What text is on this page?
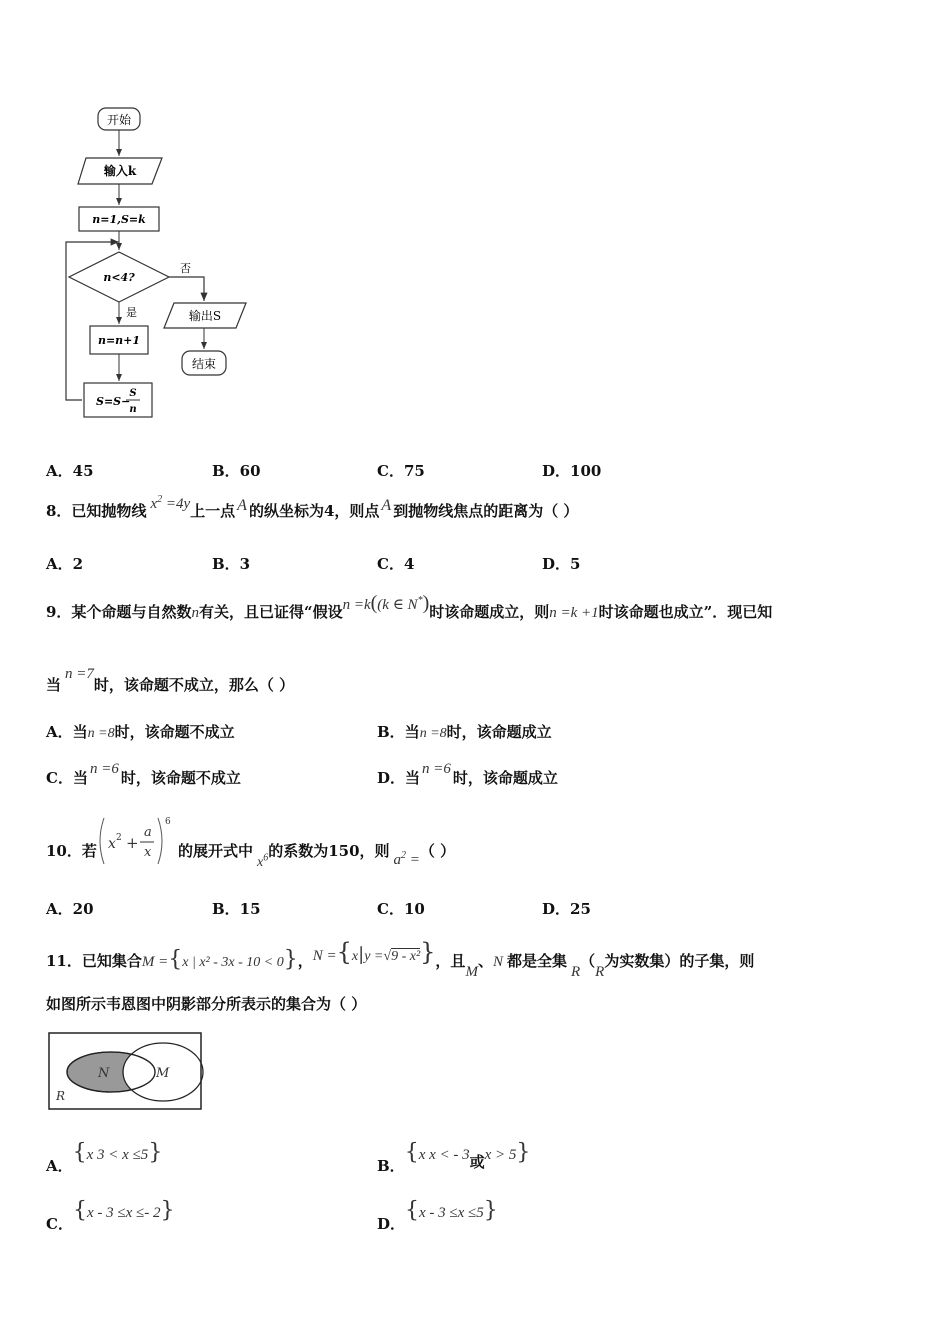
开始
输入k
n=1,S=k
n<4?
否
是	输出S
结束
n=n+1
S=S−
S
n
A．45	B．60	C．75	D．100
8．已知抛物线 $x^2 =4y$上一点 A 的纵坐标为4，则点 A 到抛物线焦点的距离为（ ）
A．2	B．3	C．4	D．5
9．某个命题与自然数n有关，且已证得“假设n =k((k ∈ N*)时该命题成立，则n =k +1时该命题也成立”．现已知
当n =7时，该命题不成立，那么（ ）
A．当n =8时，该命题不成立	B．当n =8时，该命题成立
C．当 n =6 时，该命题不成立	D．当 n =6 时，该命题成立
10．若 x 2 +
a
x
6
的展开式中$x^6$的系数为150，则 $a^2$ =（ ）
A．20	B．15	C．10	D．25
11．已知集合M ={x | x² - 3x - 10 < 0}，N ={x|y =√9 - x²}，且M、N 都是全集R（R为实数集）的子集，则
如图所示韦恩图中阴影部分所表示的集合为（ ）
N	M
R
A．{x 3 < x ≤5}
B．{x x < - 3或x > 5}
C．{x - 3 ≤x ≤- 2}
D．{x - 3 ≤x ≤5}
